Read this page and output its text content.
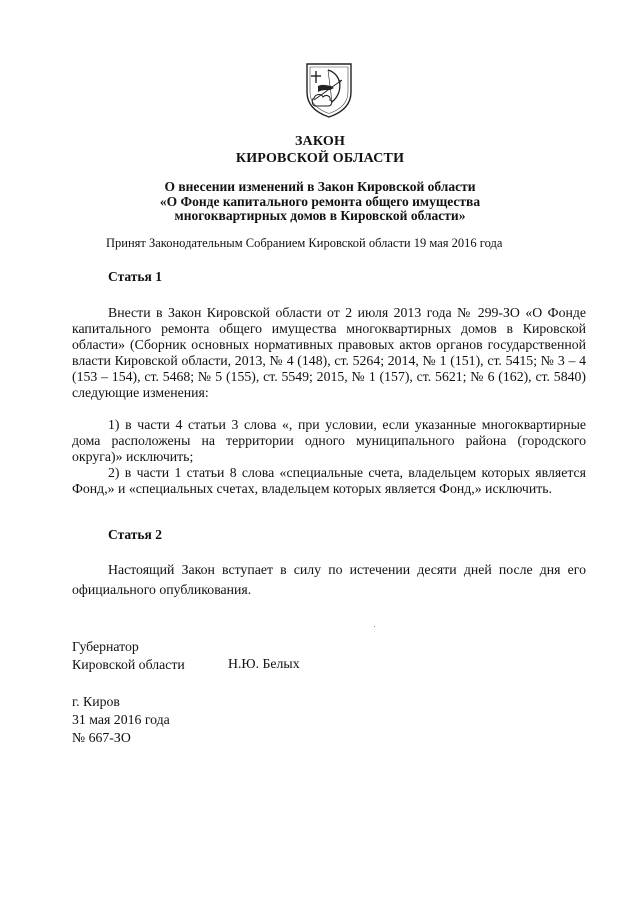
ЗАКОН
КИРОВСКОЙ ОБЛАСТИ
О внесении изменений в Закон Кировской области
«О Фонде капитального ремонта общего имущества
многоквартирных домов в Кировской области»
Принят Законодательным Собранием Кировской области 19 мая 2016 года
Статья 1
Внести в Закон Кировской области от 2 июля 2013 года № 299-ЗО «О Фонде капитального ремонта общего имущества многоквартирных домов в Кировской области» (Сборник основных нормативных правовых актов органов государственной власти Кировской области, 2013, № 4 (148), ст. 5264; 2014, № 1 (151), ст. 5415; № 3 – 4 (153 – 154), ст. 5468; № 5 (155), ст. 5549; 2015, № 1 (157), ст. 5621; № 6 (162), ст. 5840) следующие изменения:
1) в части 4 статьи 3 слова «, при условии, если указанные многоквартирные дома расположены на территории одного муниципального района (городского округа)» исключить;
2) в части 1 статьи 8 слова «специальные счета, владельцем которых является Фонд,» и «специальных счетах, владельцем которых является Фонд,» исключить.
Статья 2
Настоящий Закон вступает в силу по истечении десяти дней после дня его официального опубликования.
Губернатор
Кировской области	Н.Ю. Белых
г. Киров
31 мая 2016 года
№ 667-ЗО
